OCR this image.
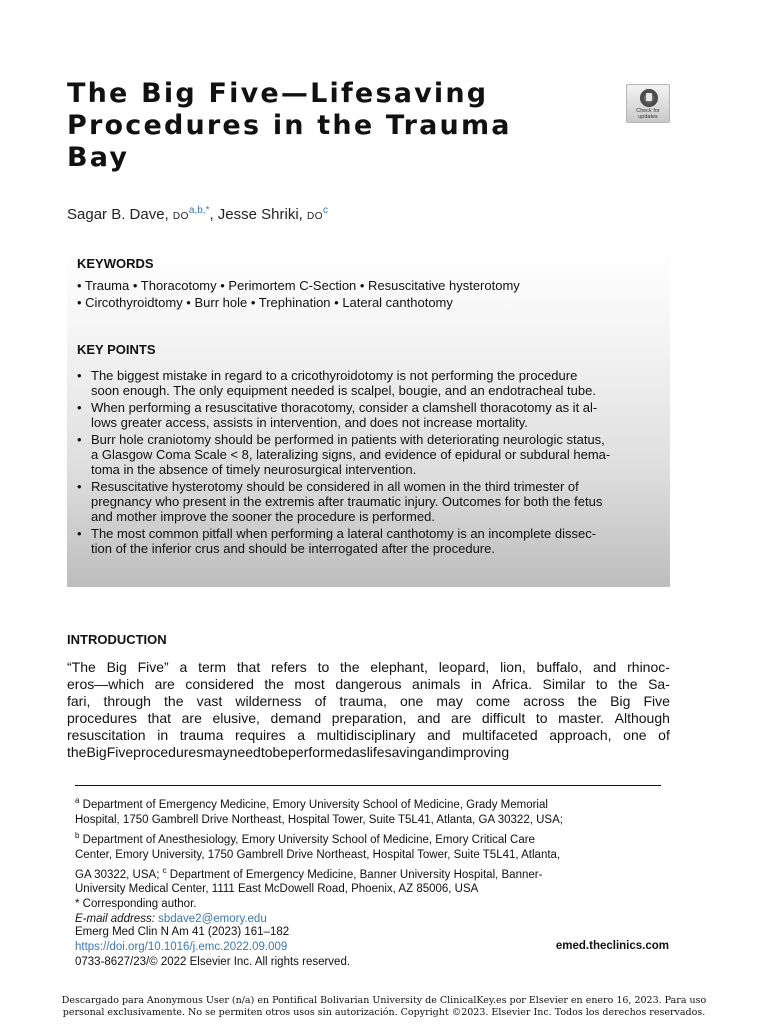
The Big Five—Lifesaving
Procedures in the Trauma
Bay
Check for
updates
Sagar B. Dave, $DO^{a,b,*}$, Jesse Shriki, $DO^c$
KEYWORDS
• Trauma • Thoracotomy • Perimortem C-Section • Resuscitative hysterotomy
• Circothyroidtomy • Burr hole • Trephination • Lateral canthotomy
KEY POINTS
• The biggest mistake in regard to a cricothyroidotomy is not performing the procedure
soon enough. The only equipment needed is scalpel, bougie, and an endotracheal tube.
• When performing a resuscitative thoracotomy, consider a clamshell thoracotomy as it al-
lows greater access, assists in intervention, and does not increase mortality.
• Burr hole craniotomy should be performed in patients with deteriorating neurologic status,
a Glasgow Coma Scale < 8, lateralizing signs, and evidence of epidural or subdural hema-
toma in the absence of timely neurosurgical intervention.
• Resuscitative hysterotomy should be considered in all women in the third trimester of
pregnancy who present in the extremis after traumatic injury. Outcomes for both the fetus
and mother improve the sooner the procedure is performed.
• The most common pitfall when performing a lateral canthotomy is an incomplete dissec-
tion of the inferior crus and should be interrogated after the procedure.
INTRODUCTION
“The Big Five” a term that refers to the elephant, leopard, lion, buffalo, and rhinoc-
eros—which are considered the most dangerous animals in Africa. Similar to the Sa-
fari, through the vast wilderness of trauma, one may come across the Big Five
procedures that are elusive, demand preparation, and are difficult to master. Although
resuscitation in trauma requires a multidisciplinary and multifaceted approach, one of
the Big Five procedures may need to be performed as lifesaving and improving
$^a$ Department of Emergency Medicine, Emory University School of Medicine, Grady Memorial
Hospital, 1750 Gambrell Drive Northeast, Hospital Tower, Suite T5L41, Atlanta, GA 30322, USA;
$^b$ Department of Anesthesiology, Emory University School of Medicine, Emory Critical Care
Center, Emory University, 1750 Gambrell Drive Northeast, Hospital Tower, Suite T5L41, Atlanta,
GA 30322, USA; $^c$ Department of Emergency Medicine, Banner University Hospital, Banner-
University Medical Center, 1111 East McDowell Road, Phoenix, AZ 85006, USA
* Corresponding author.
E-mail address: sbdave2@emory.edu
Emerg Med Clin N Am 41 (2023) 161–182
https://doi.org/10.1016/j.emc.2022.09.009
0733-8627/23/© 2022 Elsevier Inc. All rights reserved.
emed.theclinics.com
Descargado para Anonymous User (n/a) en Pontifical Bolivarian University de ClinicalKey.es por Elsevier en enero 16, 2023. Para uso
personal exclusivamente. No se permiten otros usos sin autorización. Copyright ©2023. Elsevier Inc. Todos los derechos reservados.
